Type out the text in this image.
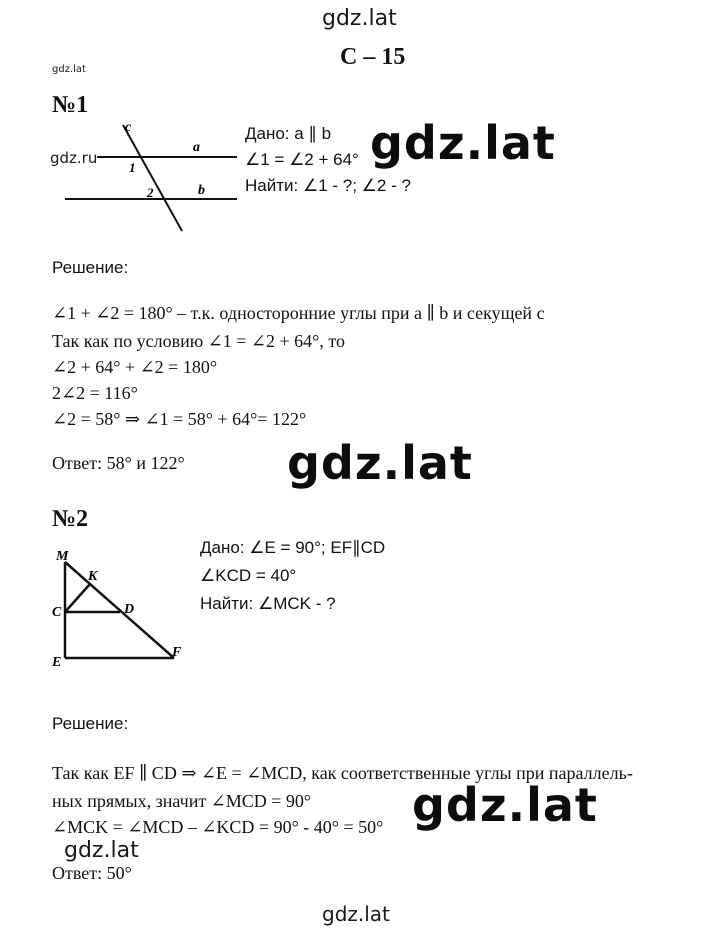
gdz.lat
С – 15
gdz.lat
№1
c
a
b
1
2
gdz.ru
Дано: a ∥ b
∠1 = ∠2 + 64°
Найти: ∠1 - ?; ∠2 - ?
gdz.lat
Решение:
∠1 + ∠2 = 180° – т.к. односторонние углы при a ∥ b и секущей c
Так как по условию ∠1 = ∠2 + 64°, то
∠2 + 64° + ∠2 = 180°
2∠2 = 116°
∠2 = 58° ⇒ ∠1 = 58° + 64°= 122°
Ответ: 58° и 122° gdz.lat
№2
M
K
C	D
E
F
Дано: ∠E = 90°; EF∥CD
∠KCD = 40°
Найти: ∠MCK - ?
Решение:
Так как EF ∥ CD ⇒ ∠E = ∠MCD, как соответственные углы при параллель-
ных прямых, значит ∠MCD = 90°
∠MCK = ∠MCD – ∠KCD = 90° - 40° = 50° gdz.lat
gdz.lat
Ответ: 50°
gdz.lat
